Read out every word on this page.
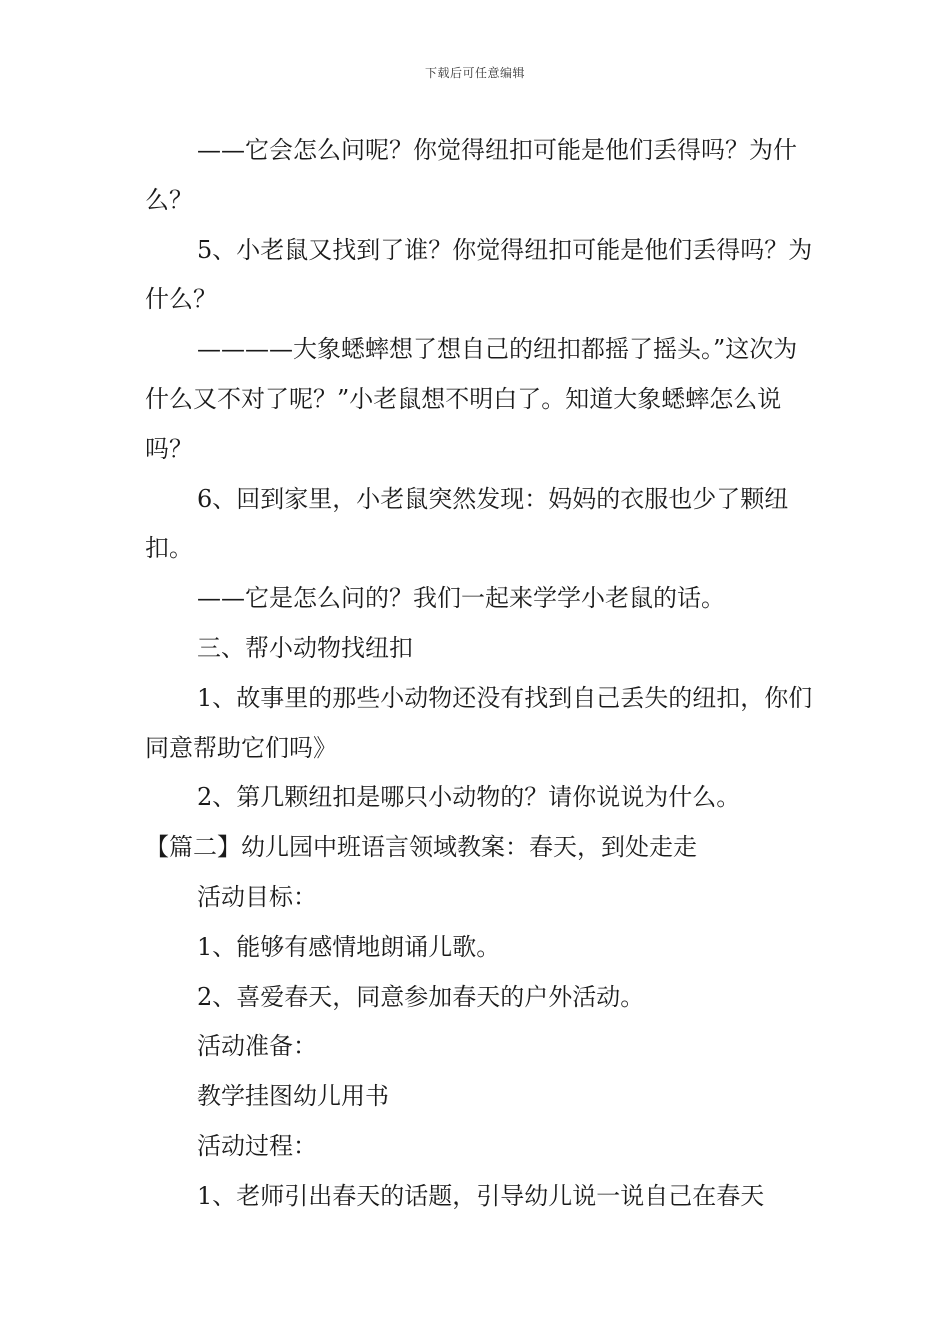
下载后可任意编辑

——它会怎么问呢？你觉得纽扣可能是他们丢得吗？为什么？

5、小老鼠又找到了谁？你觉得纽扣可能是他们丢得吗？为什么？

————大象蟋蟀想了想自己的纽扣都摇了摇头。”这次为什么又不对了呢？”小老鼠想不明白了。知道大象蟋蟀怎么说吗？

6、回到家里，小老鼠突然发现：妈妈的衣服也少了颗纽扣。

——它是怎么问的？我们一起来学学小老鼠的话。

三、帮小动物找纽扣

1、故事里的那些小动物还没有找到自己丢失的纽扣，你们同意帮助它们吗》

2、第几颗纽扣是哪只小动物的？请你说说为什么。

【篇二】幼儿园中班语言领域教案：春天，到处走走

活动目标：

1、能够有感情地朗诵儿歌。

2、喜爱春天，同意参加春天的户外活动。

活动准备：

教学挂图幼儿用书

活动过程：

1、老师引出春天的话题，引导幼儿说一说自己在春天
